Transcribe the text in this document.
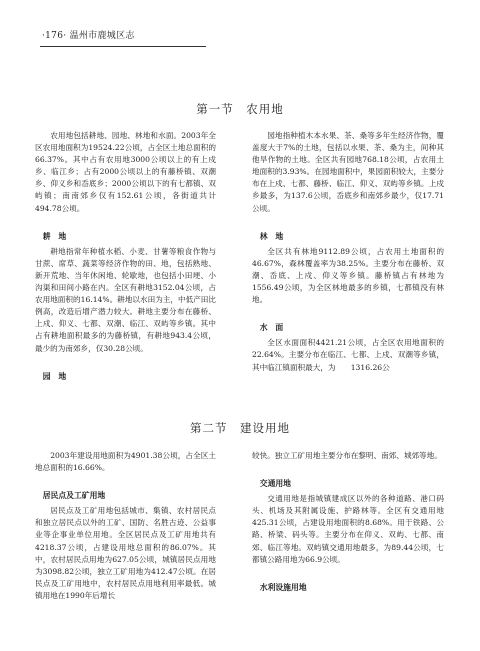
·176· 温州市鹿城区志
第一节　农用地

农用地包括耕地、园地、林地和水面。2003年全区农用地面积为19524.22公顷，占全区土地总面积的66.37%。其中占有农用地3000公顷以上的有上戍乡、临江乡；占有2000公顷以上的有藤桥镇、双潮乡、仰义乡和岙底乡；2000公顷以下的有七都镇、双屿镇；南南郊乡仅有152.61公顷，各街道共计494.78公顷。

耕　地

耕地指常年种植水稻、小麦、甘薯等粮食作物与甘蔗、席草、蔬菜等经济作物的田、地，包括熟地、新开荒地、当年休闲地、轮歇地，也包括小田埂、小沟渠和田间小路在内。全区有耕地3152.04公顷，占农用地面积的16.14%。耕地以水田为主，中低产田比例高，改造后增产潜力较大。耕地主要分布在藤桥、上戍、仰义、七都、双潮、临江、双屿等乡镇。其中占有耕地面积最多的为藤桥镇，有耕地943.4公顷，最少的为南郊乡，仅30.28公顷。

园　地

园地指种植木本水果、茶、桑等多年生经济作物，覆盖度大于7%的土地，包括以水果、茶、桑为主，间种其他旱作物的土地。全区共有园地768.18公顷，占农用土地面积的3.93%。在园地面积中，果园面积较大，主要分布在上戍、七都、藤桥、临江、仰义、双屿等乡镇。上戍乡最多，为137.6公顷，岙底乡和南郊乡最少，仅17.71公顷。

林　地

全区共有林地9112.89公顷，占农用土地面积的46.67%，森林覆盖率为38.25%。主要分布在藤桥、双潮、岙底、上戍、仰义等乡镇。藤桥镇占有林地为1556.49公顷，为全区林地最多的乡镇，七都镇没有林地。

水　面

全区水面面积4421.21公顷，占全区农用地面积的22.64%。主要分布在临江、七都、上戍、双潮等乡镇，其中临江镇面积最大，为　　1316.26公

第二节　建设用地

2003年建设用地面积为4901.38公顷，占全区土地总面积的16.66%。

居民点及工矿用地

居民点及工矿用地包括城市、集镇、农村居民点和独立居民点以外的工矿、国防、名胜古迹、公益事业等企事业单位用地。全区居民点及工矿用地共有4218.37公顷，占建设用地总面积的86.07%。其中，农村居民点用地为627.05公顷，城镇居民点用地为3098.82公顷，独立工矿用地为412.47公顷。在居民点及工矿用地中，农村居民点用地利用率最低。城镇用地在1990年后增长

较快。独立工矿用地主要分布在黎明、南郊、城郊等地。

交通用地

交通用地是指城镇建成区以外的各种道路、港口码头、机场及其附属设施、护路林等。全区有交通用地425.31公顷，占建设用地面积的8.68%。用于铁路、公路、桥梁、码头等。主要分布在仰义、双屿、七都、南郊、临江等地。双屿镇交通用地最多，为89.44公顷，七都镇公路用地为66.9公顷。

水利设施用地
